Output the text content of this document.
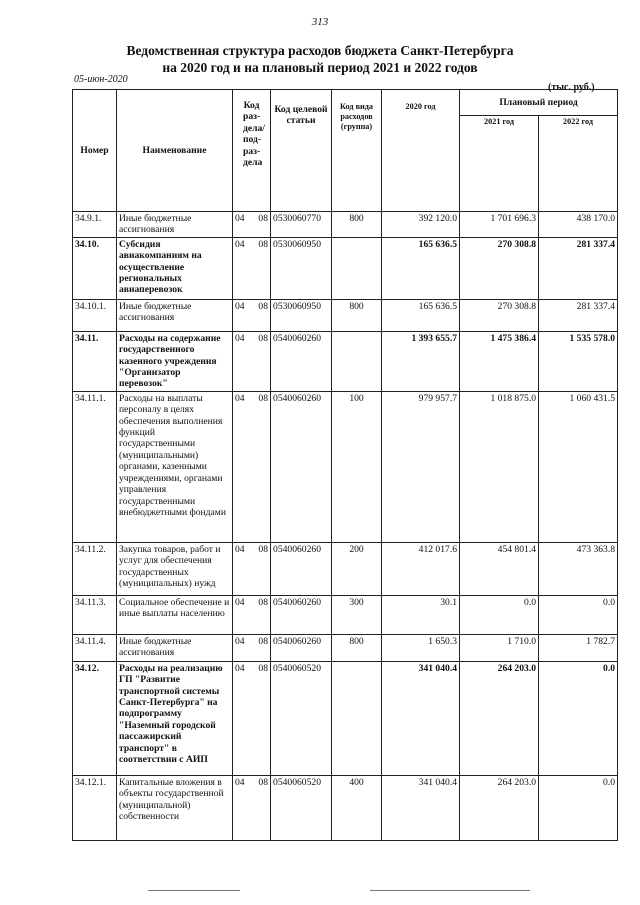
313
Ведомственная структура расходов бюджета Санкт-Петербурга
на 2020 год и на плановый период 2021 и 2022 годов
05-июн-2020
(тыс. руб.)
Номер	Наименование	Код раз-дела/ под-раз-дела		Код целевой статьи	Код вида расходов (группа)	2020 год	Плановый период	
							2021 год	2022 год
34.9.1.	Иные бюджетные ассигнования	04	08	0530060770	800	392 120.0	1 701 696.3	438 170.0
34.10.	Субсидия авиакомпаниям на осуществление региональных авиаперевозок	04	08	0530060950		165 636.5	270 308.8	281 337.4
34.10.1.	Иные бюджетные ассигнования	04	08	0530060950	800	165 636.5	270 308.8	281 337.4
34.11.	Расходы на содержание государственного казенного учреждения "Организатор перевозок"	04	08	0540060260		1 393 655.7	1 475 386.4	1 535 578.0
34.11.1.	Расходы на выплаты персоналу в целях обеспечения выполнения функций государственными (муниципальными) органами, казенными учреждениями, органами управления государственными внебюджетными фондами	04	08	0540060260	100	979 957.7	1 018 875.0	1 060 431.5
34.11.2.	Закупка товаров, работ и услуг для обеспечения государственных (муниципальных) нужд	04	08	0540060260	200	412 017.6	454 801.4	473 363.8
34.11.3.	Социальное обеспечение и иные выплаты населению	04	08	0540060260	300	30.1	0.0	0.0
34.11.4.	Иные бюджетные ассигнования	04	08	0540060260	800	1 650.3	1 710.0	1 782.7
34.12.	Расходы на реализацию ГП "Развитие транспортной системы Санкт-Петербурга" на подпрограмму "Наземный городской пассажирский транспорт" в соответствии с АИП	04	08	0540060520		341 040.4	264 203.0	0.0
34.12.1.	Капитальные вложения в объекты государственной (муниципальной) собственности	04	08	0540060520	400	341 040.4	264 203.0	0.0
